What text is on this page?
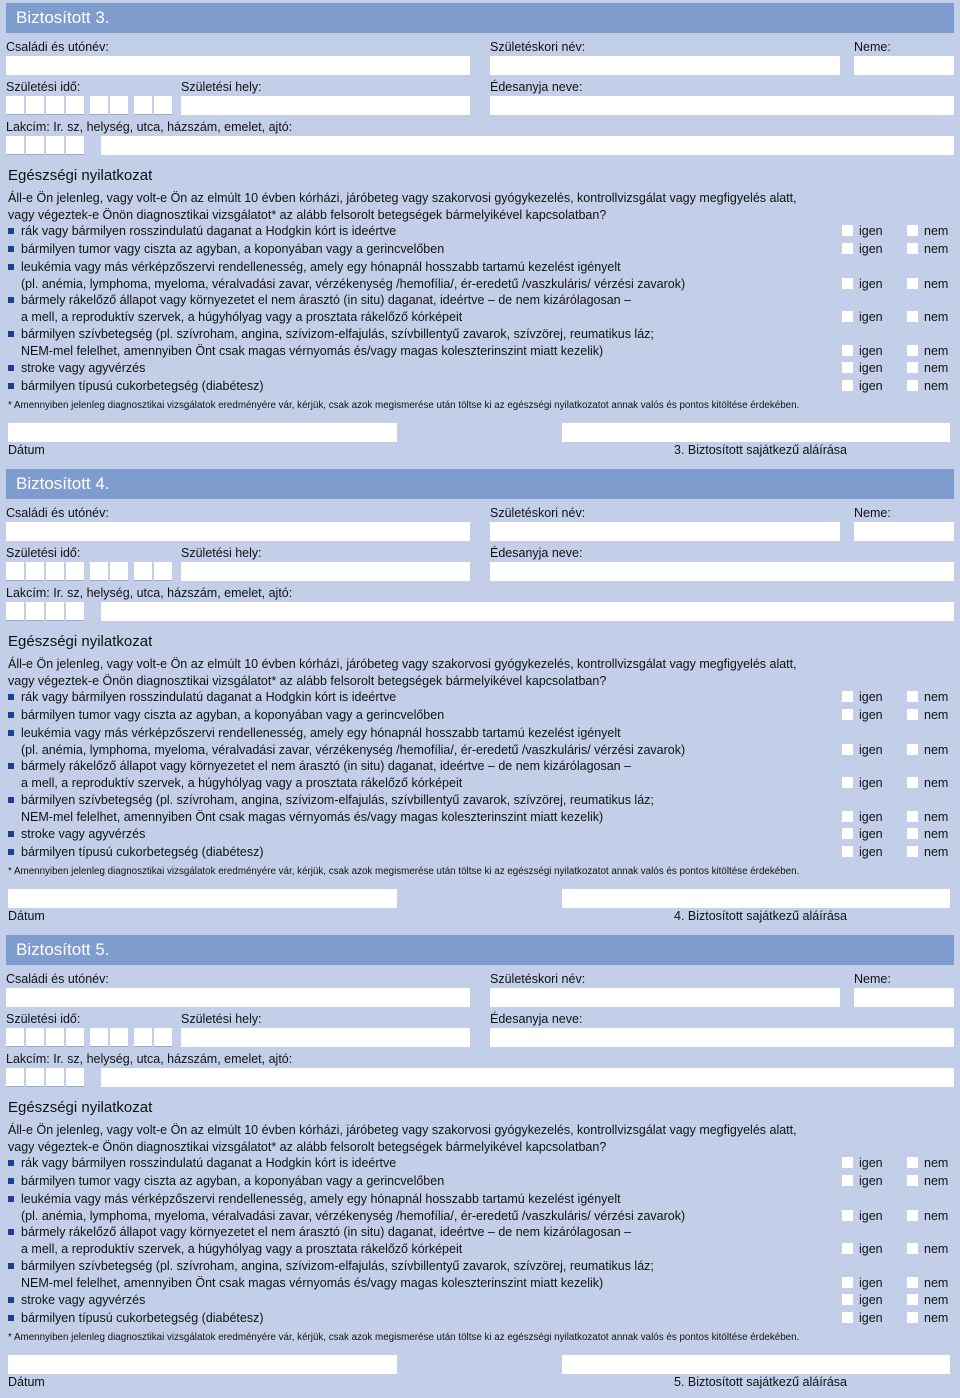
Biztosított 3.
Családi és utónév:	Születéskori név:	Neme:
Születési idő:	Születési hely:	Édesanyja neve:
Lakcím: Ir. sz, helység, utca, házszám, emelet, ajtó:
Egészségi nyilatkozat
Áll-e Ön jelenleg, vagy volt-e Ön az elmúlt 10 évben kórházi, járóbeteg vagy szakorvosi gyógykezelés, kontrollvizsgálat vagy megfigyelés alatt,
vagy végeztek-e Önön diagnosztikai vizsgálatot* az alább felsorolt betegségek bármelyikével kapcsolatban?
rák vagy bármilyen rosszindulatú daganat a Hodgkin kórt is ideértve	igen	nem
bármilyen tumor vagy ciszta az agyban, a koponyában vagy a gerincvelőben	igen	nem
leukémia vagy más vérképzőszervi rendellenesség, amely egy hónapnál hosszabb tartamú kezelést igényelt
(pl. anémia, lymphoma, myeloma, véralvadási zavar, vérzékenység /hemofília/, ér-eredetű /vaszkuláris/ vérzési zavarok)	igen	nem
bármely rákelőző állapot vagy környezetet el nem árasztó (in situ) daganat, ideértve – de nem kizárólagosan –
a mell, a reproduktív szervek, a húgyhólyag vagy a prosztata rákelőző kórképeit	igen	nem
bármilyen szívbetegség (pl. szívroham, angina, szívizom-elfajulás, szívbillentyű zavarok, szívzörej, reumatikus láz;
NEM-mel felelhet, amennyiben Önt csak magas vérnyomás és/vagy magas koleszterinszint miatt kezelik)	igen	nem
stroke vagy agyvérzés	igen	nem
bármilyen típusú cukorbetegség (diabétesz)	igen	nem
* Amennyiben jelenleg diagnosztikai vizsgálatok eredményére vár, kérjük, csak azok megismerése után töltse ki az egészségi nyilatkozatot annak valós és pontos kitöltése érdekében.
Dátum	3. Biztosított sajátkezű aláírása
Biztosított 4.
Családi és utónév:	Születéskori név:	Neme:
Születési idő:	Születési hely:	Édesanyja neve:
Lakcím: Ir. sz, helység, utca, házszám, emelet, ajtó:
Egészségi nyilatkozat
Áll-e Ön jelenleg, vagy volt-e Ön az elmúlt 10 évben kórházi, járóbeteg vagy szakorvosi gyógykezelés, kontrollvizsgálat vagy megfigyelés alatt,
vagy végeztek-e Önön diagnosztikai vizsgálatot* az alább felsorolt betegségek bármelyikével kapcsolatban?
rák vagy bármilyen rosszindulatú daganat a Hodgkin kórt is ideértve	igen	nem
bármilyen tumor vagy ciszta az agyban, a koponyában vagy a gerincvelőben	igen	nem
leukémia vagy más vérképzőszervi rendellenesség, amely egy hónapnál hosszabb tartamú kezelést igényelt
(pl. anémia, lymphoma, myeloma, véralvadási zavar, vérzékenység /hemofília/, ér-eredetű /vaszkuláris/ vérzési zavarok)	igen	nem
bármely rákelőző állapot vagy környezetet el nem árasztó (in situ) daganat, ideértve – de nem kizárólagosan –
a mell, a reproduktív szervek, a húgyhólyag vagy a prosztata rákelőző kórképeit	igen	nem
bármilyen szívbetegség (pl. szívroham, angina, szívizom-elfajulás, szívbillentyű zavarok, szívzörej, reumatikus láz;
NEM-mel felelhet, amennyiben Önt csak magas vérnyomás és/vagy magas koleszterinszint miatt kezelik)	igen	nem
stroke vagy agyvérzés	igen	nem
bármilyen típusú cukorbetegség (diabétesz)	igen	nem
* Amennyiben jelenleg diagnosztikai vizsgálatok eredményére vár, kérjük, csak azok megismerése után töltse ki az egészségi nyilatkozatot annak valós és pontos kitöltése érdekében.
Dátum	4. Biztosított sajátkezű aláírása
Biztosított 5.
Családi és utónév:	Születéskori név:	Neme:
Születési idő:	Születési hely:	Édesanyja neve:
Lakcím: Ir. sz, helység, utca, házszám, emelet, ajtó:
Egészségi nyilatkozat
Áll-e Ön jelenleg, vagy volt-e Ön az elmúlt 10 évben kórházi, járóbeteg vagy szakorvosi gyógykezelés, kontrollvizsgálat vagy megfigyelés alatt,
vagy végeztek-e Önön diagnosztikai vizsgálatot* az alább felsorolt betegségek bármelyikével kapcsolatban?
rák vagy bármilyen rosszindulatú daganat a Hodgkin kórt is ideértve	igen	nem
bármilyen tumor vagy ciszta az agyban, a koponyában vagy a gerincvelőben	igen	nem
leukémia vagy más vérképzőszervi rendellenesség, amely egy hónapnál hosszabb tartamú kezelést igényelt
(pl. anémia, lymphoma, myeloma, véralvadási zavar, vérzékenység /hemofília/, ér-eredetű /vaszkuláris/ vérzési zavarok)	igen	nem
bármely rákelőző állapot vagy környezetet el nem árasztó (in situ) daganat, ideértve – de nem kizárólagosan –
a mell, a reproduktív szervek, a húgyhólyag vagy a prosztata rákelőző kórképeit	igen	nem
bármilyen szívbetegség (pl. szívroham, angina, szívizom-elfajulás, szívbillentyű zavarok, szívzörej, reumatikus láz;
NEM-mel felelhet, amennyiben Önt csak magas vérnyomás és/vagy magas koleszterinszint miatt kezelik)	igen	nem
stroke vagy agyvérzés	igen	nem
bármilyen típusú cukorbetegség (diabétesz)	igen	nem
* Amennyiben jelenleg diagnosztikai vizsgálatok eredményére vár, kérjük, csak azok megismerése után töltse ki az egészségi nyilatkozatot annak valós és pontos kitöltése érdekében.
Dátum	5. Biztosított sajátkezű aláírása
